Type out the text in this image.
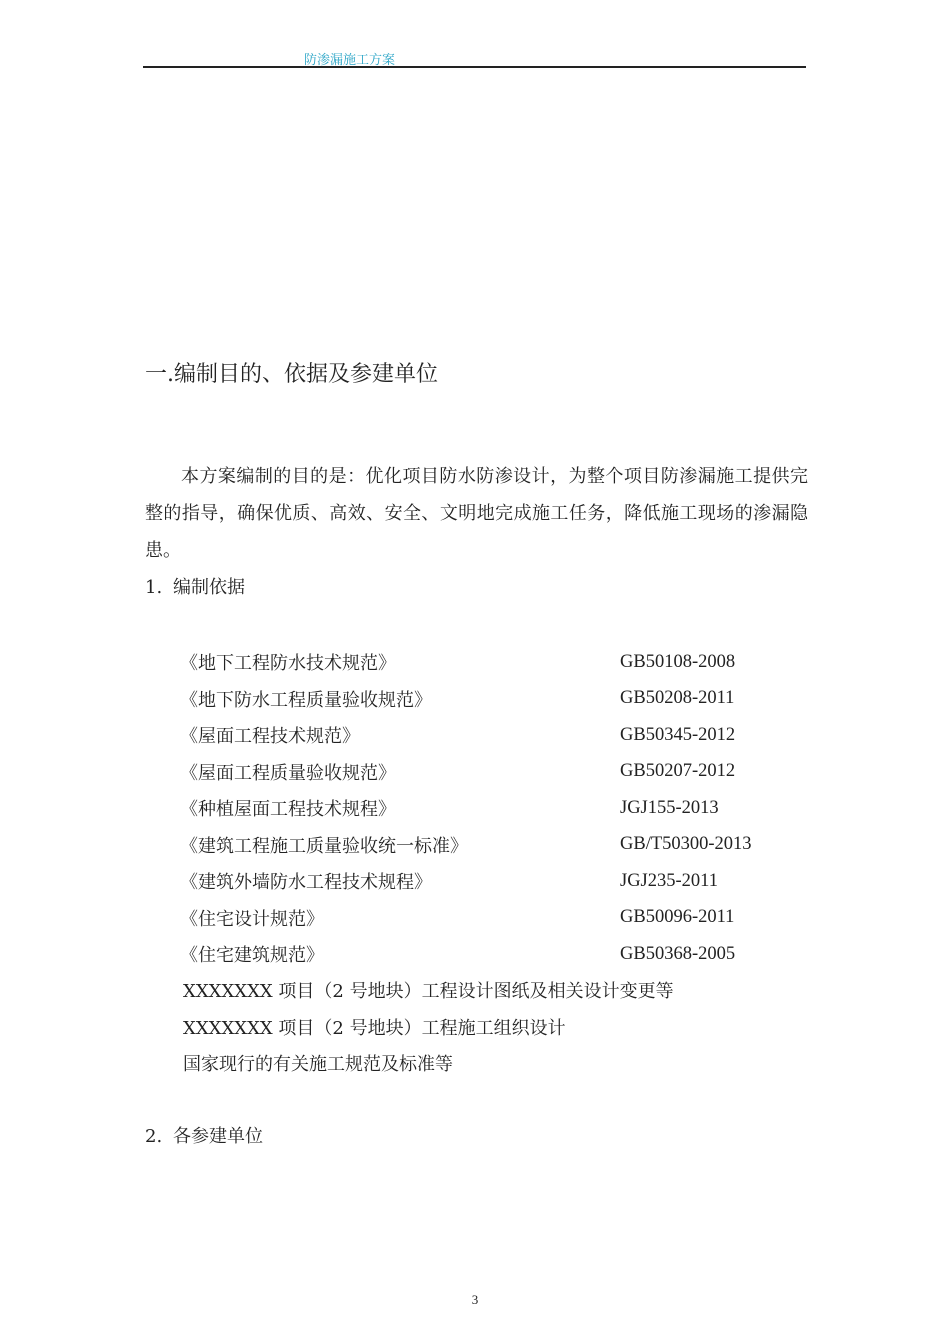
防渗漏施工方案
一.编制目的、依据及参建单位
本方案编制的目的是：优化项目防水防渗设计，为整个项目防渗漏施工提供完整的指导，确保优质、高效、安全、文明地完成施工任务，降低施工现场的渗漏隐患。
1. 编制依据
《地下工程防水技术规范》	GB50108-2008
《地下防水工程质量验收规范》	GB50208-2011
《屋面工程技术规范》	GB50345-2012
《屋面工程质量验收规范》	GB50207-2012
《种植屋面工程技术规程》	JGJ155-2013
《建筑工程施工质量验收统一标准》	GB/T50300-2013
《建筑外墙防水工程技术规程》	JGJ235-2011
《住宅设计规范》	GB50096-2011
《住宅建筑规范》	GB50368-2005
XXXXXXX 项目（2 号地块）工程设计图纸及相关设计变更等
XXXXXXX 项目（2 号地块）工程施工组织设计
国家现行的有关施工规范及标准等
2. 各参建单位
3
